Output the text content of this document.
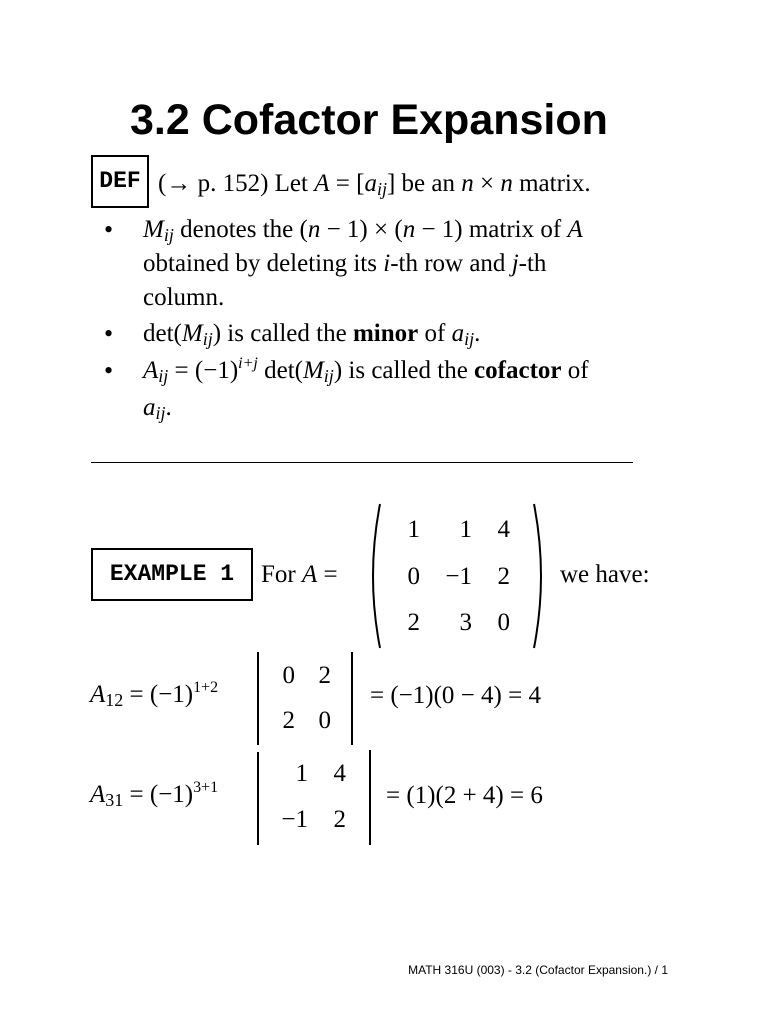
3.2 Cofactor Expansion
DEF (→ p. 152) Let $A = [a_{ij}]$ be an n × n matrix.
• $M_{ij}$ denotes the (n − 1) × (n − 1) matrix of A
obtained by deleting its i-th row and j-th
column.
• $\det(M_{ij})$ is called the minor of $a_{ij}$.
• $A_{ij} = (-1)^{i+j}$ $\det(M_{ij})$ is called the cofactor of
$a_{ij}$.
EXAMPLE 1	For A =
1	1	4
0	−1	2
2	3	0
we have:
$A_{12} = (-1)^{1+2}$	0 2
2 0
= (−1)(0 − 4) = 4
$A_{31} = (-1)^{3+1}$
1	4
−1	2
= (1)(2 + 4) = 6
MATH 316U (003) - 3.2 (Cofactor Expansion.) / 1
